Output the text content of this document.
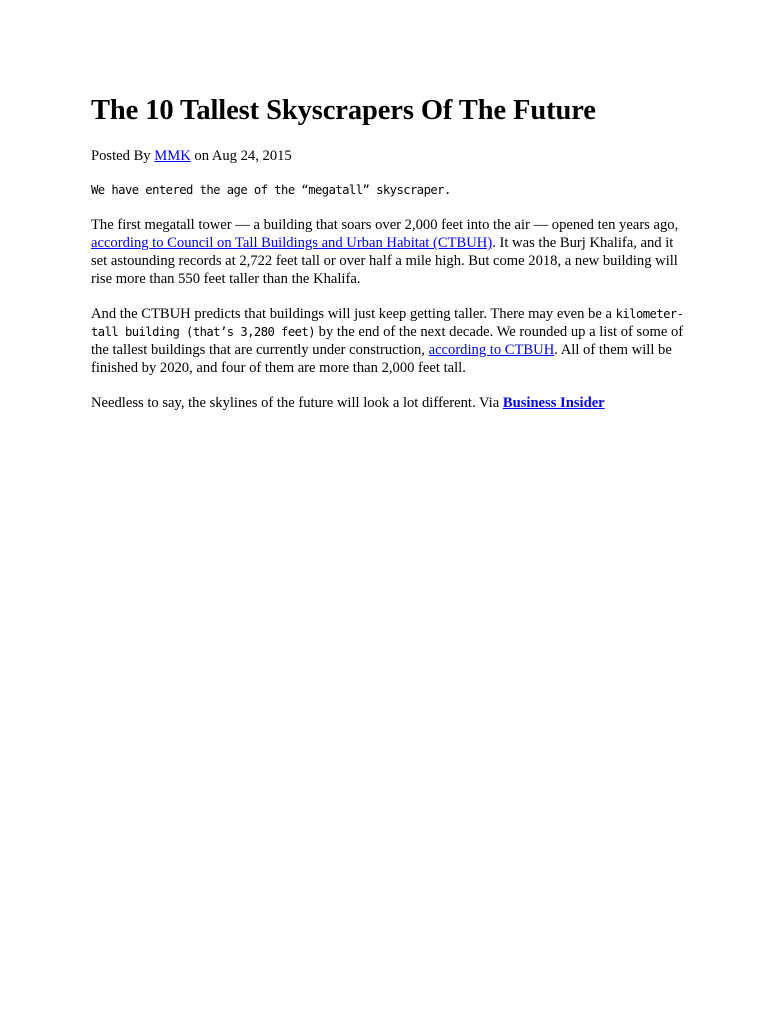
The 10 Tallest Skyscrapers Of The Future

Posted By MMK on Aug 24, 2015

We have entered the age of the “megatall” skyscraper.

The first megatall tower — a building that soars over 2,000 feet into the air — opened ten years ago, according to Council on Tall Buildings and Urban Habitat (CTBUH). It was the Burj Khalifa, and it set astounding records at 2,722 feet tall or over half a mile high. But come 2018, a new building will rise more than 550 feet taller than the Khalifa.

And the CTBUH predicts that buildings will just keep getting taller. There may even be a kilometer-tall building (that’s 3,280 feet) by the end of the next decade. We rounded up a list of some of the tallest buildings that are currently under construction, according to CTBUH. All of them will be finished by 2020, and four of them are more than 2,000 feet tall.

Needless to say, the skylines of the future will look a lot different. Via Business Insider
